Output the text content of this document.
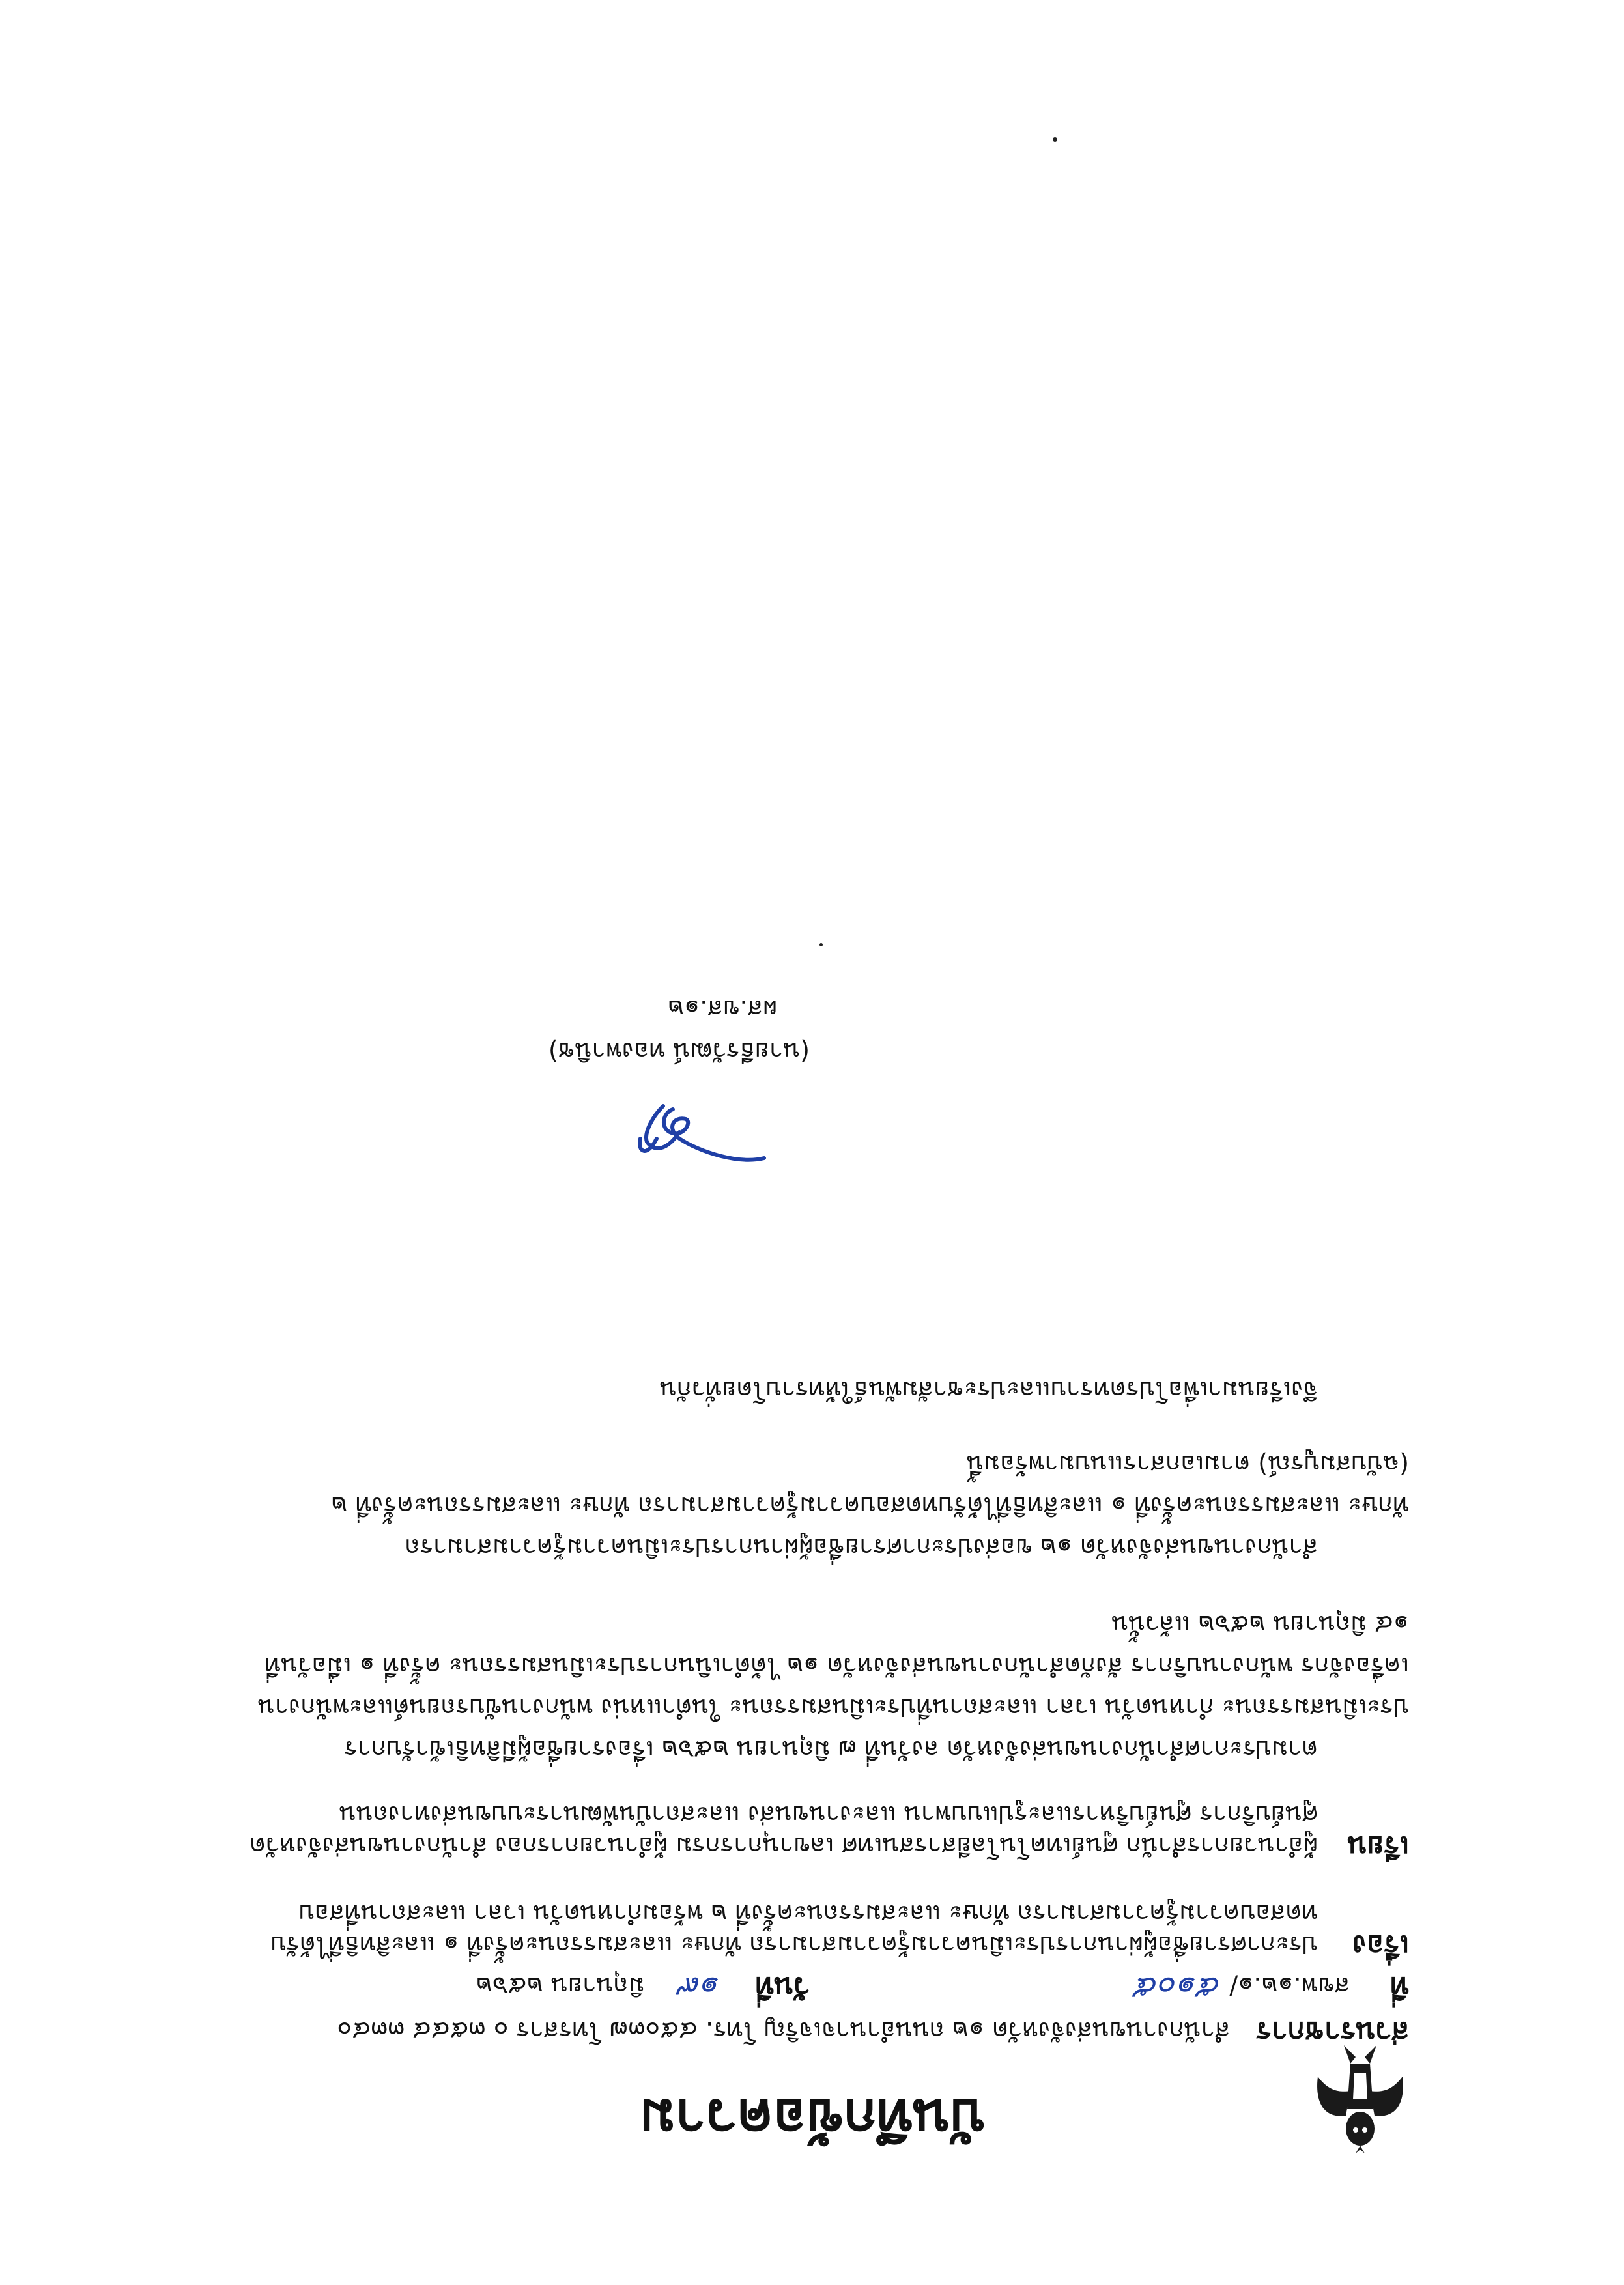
บันทึกข้อความ
ส่วนราชการ สำนักงานขนส่งจังหวัด ๑๒ ถนนอำนาจเจริญ โทร. ๔๕๐๓๗ โทรสาร ๐ ๓๕๔๔ ๓๓๔๐
ที่ สขพ.๑๒.๑/ ๕๑๐๕
วันที่ ๑๙ มิถุนายน ๒๕๖๒
เรื่อง

ประกาศรายชื่อผู้ผ่านการประเมินความรู้ความสามารถ ทักษะ และสมรรถนะครั้งที่ ๑ และสิทธิที่ได้รับ

ทดสอบความรู้ความสามารถ ทักษะ และสมรรถนะครั้งที่ ๒ พร้อมกำหนดวัน เวลา และสถานที่สอบ

เรียน

ผู้อำนวยการสำนัก ศูนย์เทคโนโลยีสารสนเทศ เลขานุการกรม ผู้อำนวยการกอง สำนักงานขนส่งจังหวัด

ศูนย์บริการ ศูนย์บริหารและรูปแบบพาน และงานขนส่ง และสถาบันพัฒนาระบบขนส่งทางถนน

ตามประกาศสำนักงานขนส่งจังหวัด ลงวันที่ ๗ มิถุนายน ๒๕๖๒ เรื่องรายชื่อผู้มีสิทธิเข้ารับการ

ประเมินสมรรถนะ กำหนดวัน เวลา และสถานที่ประเมินสมรรถนะ ในตำแหน่ง พนักงานขับรถยนต์และพนักงาน

เครื่องจักร พนักงานบริการ สังกัดสำนักงานขนส่งจังหวัด ๑๒ ได้ดำเนินการประเมินสมรรถนะ ครั้งที่ ๑ เมื่อวันที่

๑๔ มิถุนายน ๒๕๖๒ แล้วนั้น

สำนักงานขนส่งจังหวัด ๑๒ ขอส่งประกาศรายชื่อผู้ผ่านการประเมินความรู้ความสามารถ

ทักษะ และสมรรถนะครั้งที่ ๑ และสิทธิที่ได้รับทดสอบความรู้ความสามารถ ทักษะ และสมรรถนะครั้งที่ ๒

(ฉบับสมบูรณ์) ตามเอกสารแนบมาพร้อมนี้

จึงเรียนมาเพื่อโปรดทราบและประชาสัมพันธ์ให้ทราบโดยทั่วกัน
(นายธีรวัฒน์ ทองพานิช)
ผส.ขส.๑๒
